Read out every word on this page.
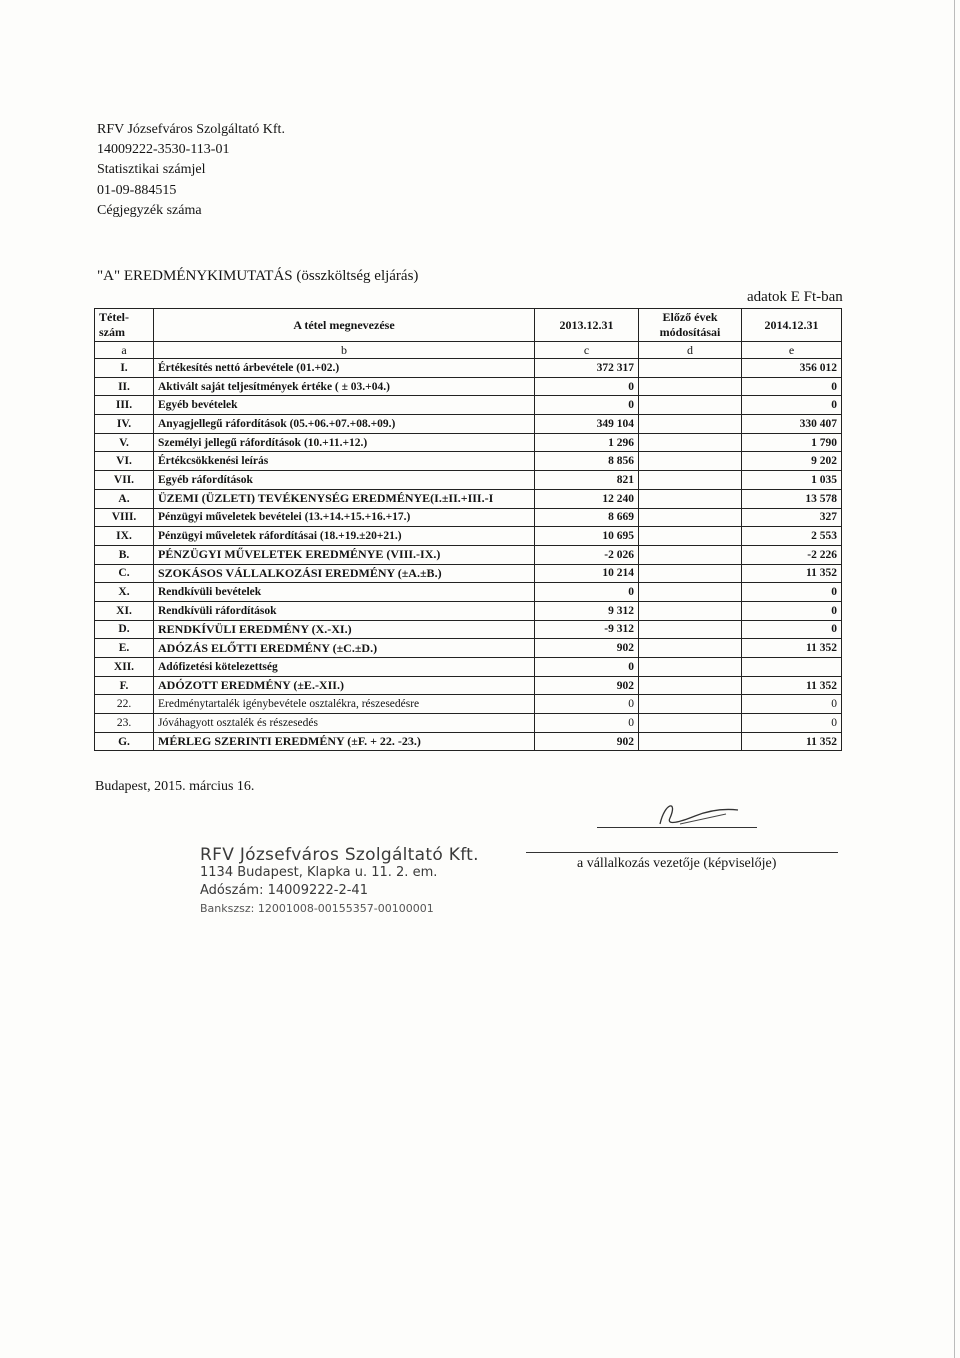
RFV Józsefváros Szolgáltató Kft.
14009222-3530-113-01
Statisztikai számjel
01-09-884515
Cégjegyzék száma
"A" EREDMÉNYKIMUTATÁS (összköltség eljárás)
adatok E Ft-ban
Tétel-szám	A tétel megnevezése	2013.12.31	Előző évek módosításai	2014.12.31
a	b	c	d	e
I.	Értékesítés nettó árbevétele (01.+02.)	372 317		356 012
II.	Aktivált saját teljesítmények értéke ( ± 03.+04.)	0		0
III.	Egyéb bevételek	0		0
IV.	Anyagjellegű ráfordítások (05.+06.+07.+08.+09.)	349 104		330 407
V.	Személyi jellegű ráfordítások (10.+11.+12.)	1 296		1 790
VI.	Értékcsökkenési leírás	8 856		9 202
VII.	Egyéb ráfordítások	821		1 035
A.	ÜZEMI (ÜZLETI) TEVÉKENYSÉG EREDMÉNYE(I.±II.+III.-I	12 240		13 578
VIII.	Pénzügyi műveletek bevételei (13.+14.+15.+16.+17.)	8 669		327
IX.	Pénzügyi műveletek ráfordításai (18.+19.±20+21.)	10 695		2 553
B.	PÉNZÜGYI MŰVELETEK EREDMÉNYE (VIII.-IX.)	-2 026		-2 226
C.	SZOKÁSOS VÁLLALKOZÁSI EREDMÉNY (±A.±B.)	10 214		11 352
X.	Rendkívüli bevételek	0		0
XI.	Rendkívüli ráfordítások	9 312		0
D.	RENDKÍVÜLI EREDMÉNY (X.-XI.)	-9 312		0
E.	ADÓZÁS ELŐTTI EREDMÉNY (±C.±D.)	902		11 352
XII.	Adófizetési kötelezettség	0		
F.	ADÓZOTT EREDMÉNY (±E.-XII.)	902		11 352
22.	Eredménytartalék igénybevétele osztalékra, részesedésre	0		0
23.	Jóváhagyott osztalék és részesedés	0		0
G.	MÉRLEG SZERINTI EREDMÉNY (±F. + 22. -23.)	902		11 352
Budapest, 2015. március 16.
a vállalkozás vezetője (képviselője)
RFV Józsefváros Szolgáltató Kft.
1134 Budapest, Klapka u. 11. 2. em.
Adószám: 14009222-2-41
Bankszsz: 12001008-00155357-00100001
